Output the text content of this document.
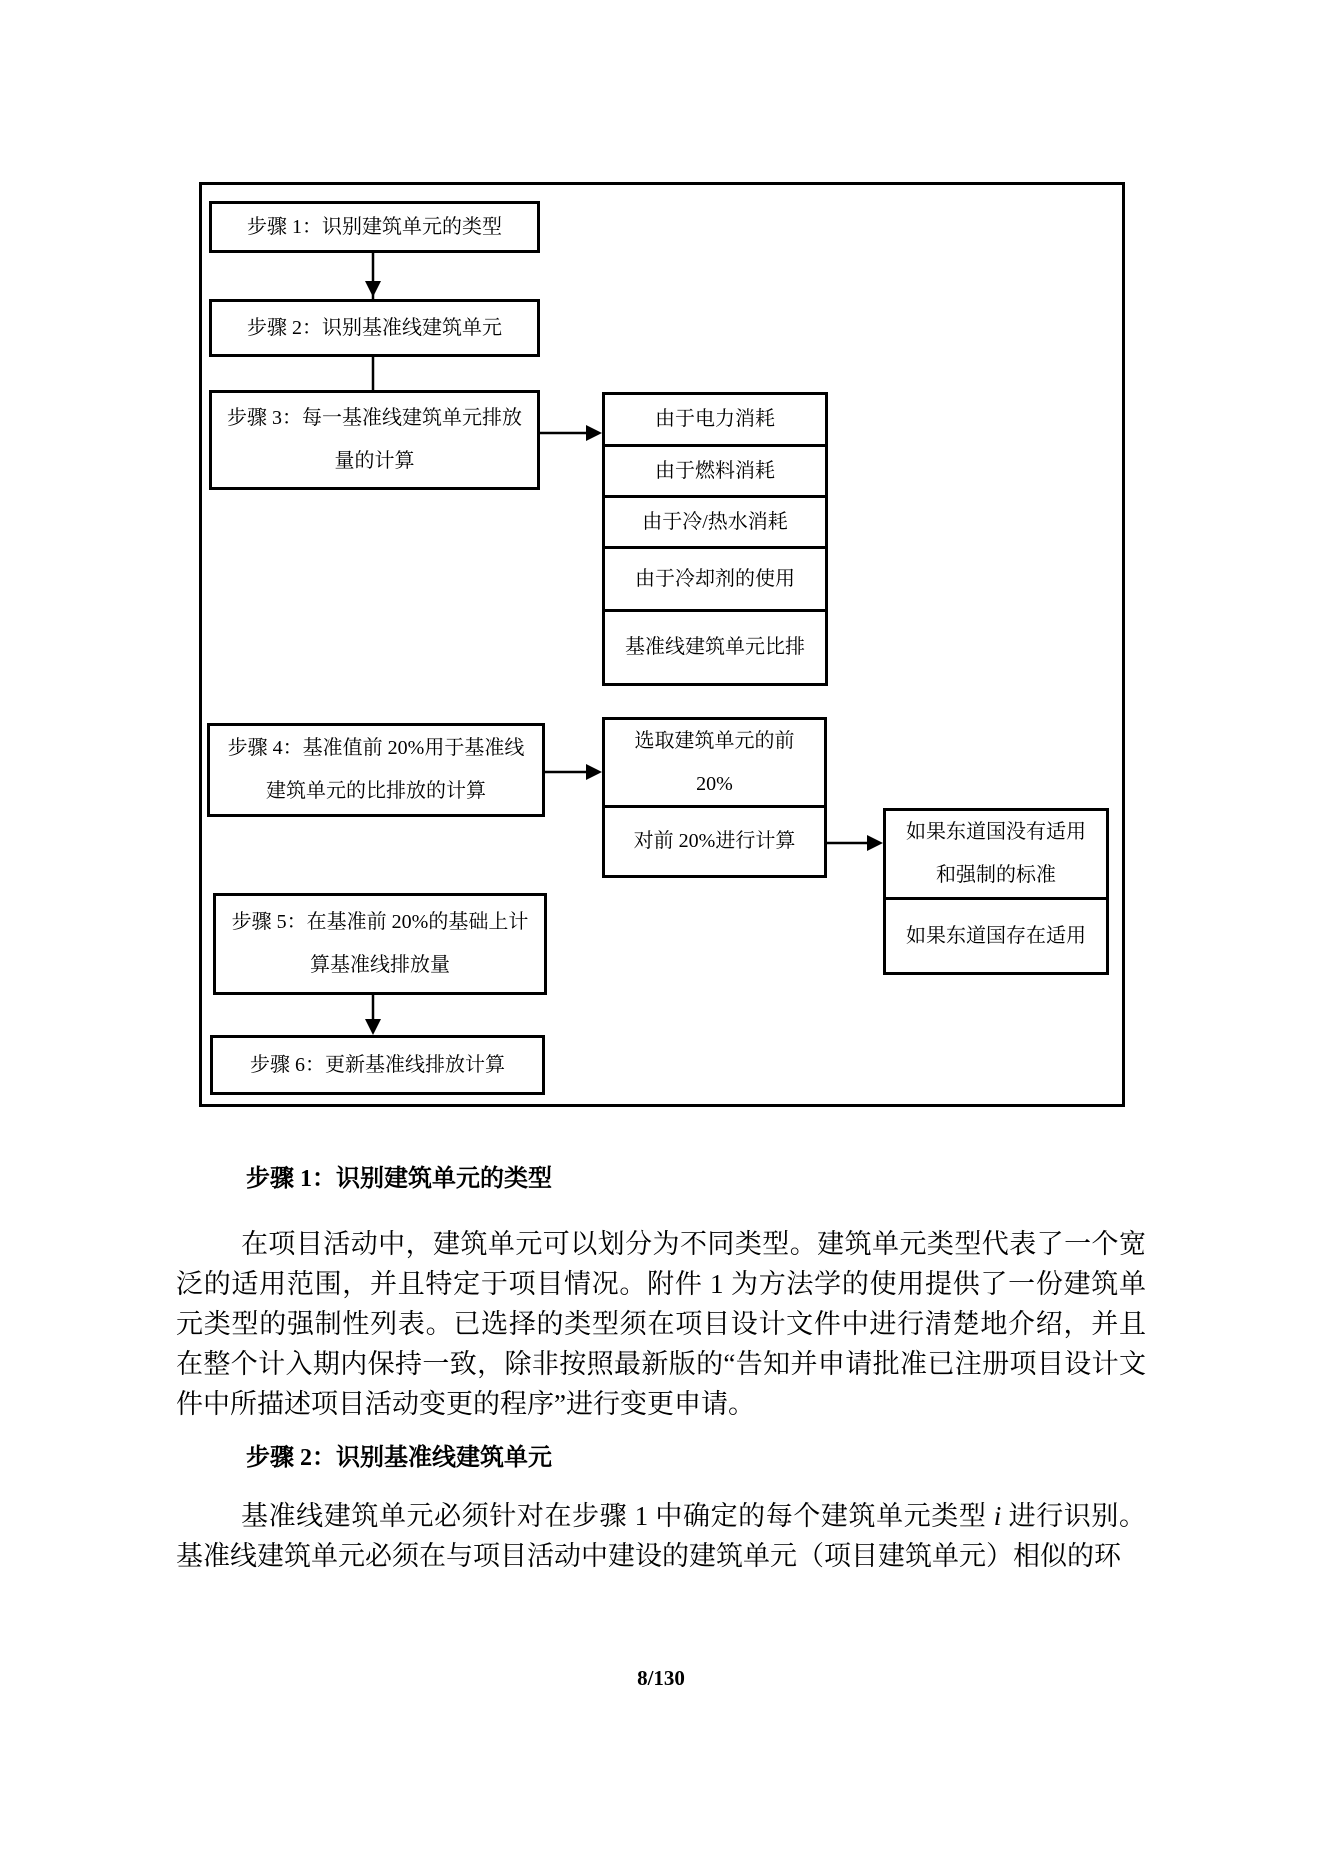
步骤 1：识别建筑单元的类型
步骤 2：识别基准线建筑单元
步骤 3：每一基准线建筑单元排放
量的计算
步骤 4：基准值前 20%用于基准线
建筑单元的比排放的计算
步骤 5：在基准前 20%的基础上计
算基准线排放量
步骤 6：更新基准线排放计算
由于电力消耗
由于燃料消耗
由于冷/热水消耗
由于冷却剂的使用
基准线建筑单元比排
选取建筑单元的前
20%
对前 20%进行计算	如果东道国没有适用
和强制的标准
如果东道国存在适用
步骤 1：识别建筑单元的类型
在项目活动中，建筑单元可以划分为不同类型。建筑单元类型代表了一个宽泛的适用范围，并且特定于项目情况。附件 1 为方法学的使用提供了一份建筑单元类型的强制性列表。已选择的类型须在项目设计文件中进行清楚地介绍，并且在整个计入期内保持一致，除非按照最新版的“告知并申请批准已注册项目设计文件中所描述项目活动变更的程序”进行变更申请。
步骤 2：识别基准线建筑单元
基准线建筑单元必须针对在步骤 1 中确定的每个建筑单元类型 i 进行识别。基准线建筑单元必须在与项目活动中建设的建筑单元（项目建筑单元）相似的环
8/130
